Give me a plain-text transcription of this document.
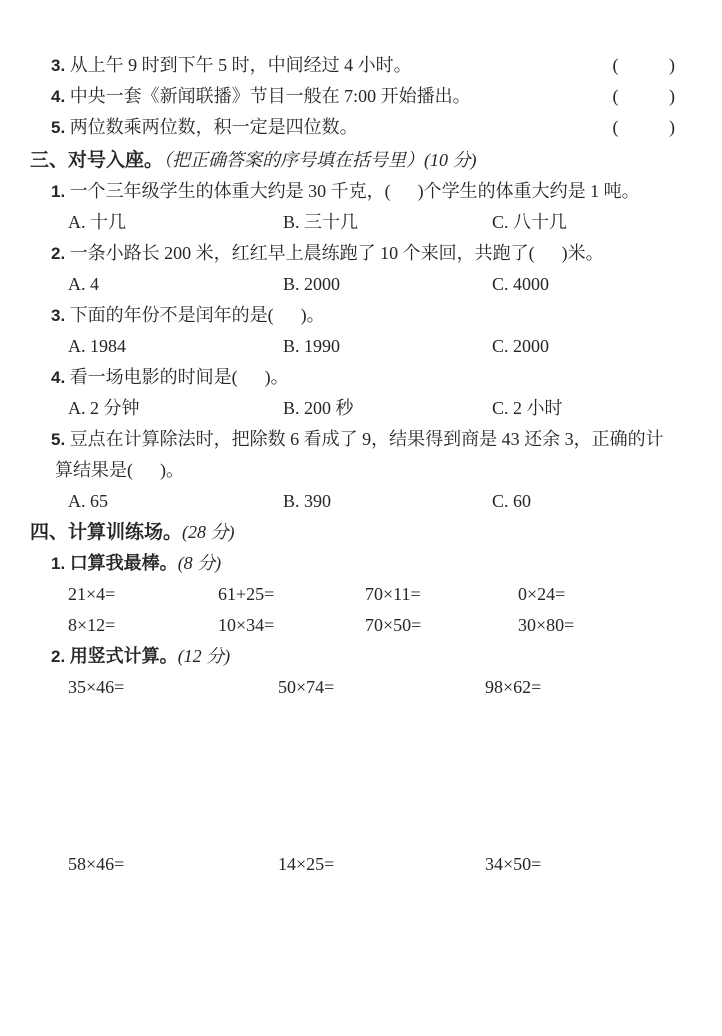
3. 从上午 9 时到下午 5 时，中间经过 4 小时。	(         )
4. 中央一套《新闻联播》节目一般在 7:00 开始播出。	(         )
5. 两位数乘两位数，积一定是四位数。	(         )
三、对号入座。（把正确答案的序号填在括号里）(10 分)
1. 一个三年级学生的体重大约是 30 千克，(      )个学生的体重大约是 1 吨。
A. 十几	B. 三十几	C. 八十几
2. 一条小路长 200 米，红红早上晨练跑了 10 个来回，共跑了(      )米。
A. 4	B. 2000	C. 4000
3. 下面的年份不是闰年的是(      )。
A. 1984	B. 1990	C. 2000
4. 看一场电影的时间是(      )。
A. 2 分钟	B. 200 秒	C. 2 小时
5. 豆点在计算除法时，把除数 6 看成了 9，结果得到商是 43 还余 3，正确的计
算结果是(      )。
A. 65	B. 390	C. 60
四、计算训练场。(28 分)
1. 口算我最棒。(8 分)
21×4=	61+25=	70×11=	0×24=
8×12=	10×34=	70×50=	30×80=
2. 用竖式计算。(12 分)
35×46=	50×74=	98×62=
58×46=	14×25=	34×50=
